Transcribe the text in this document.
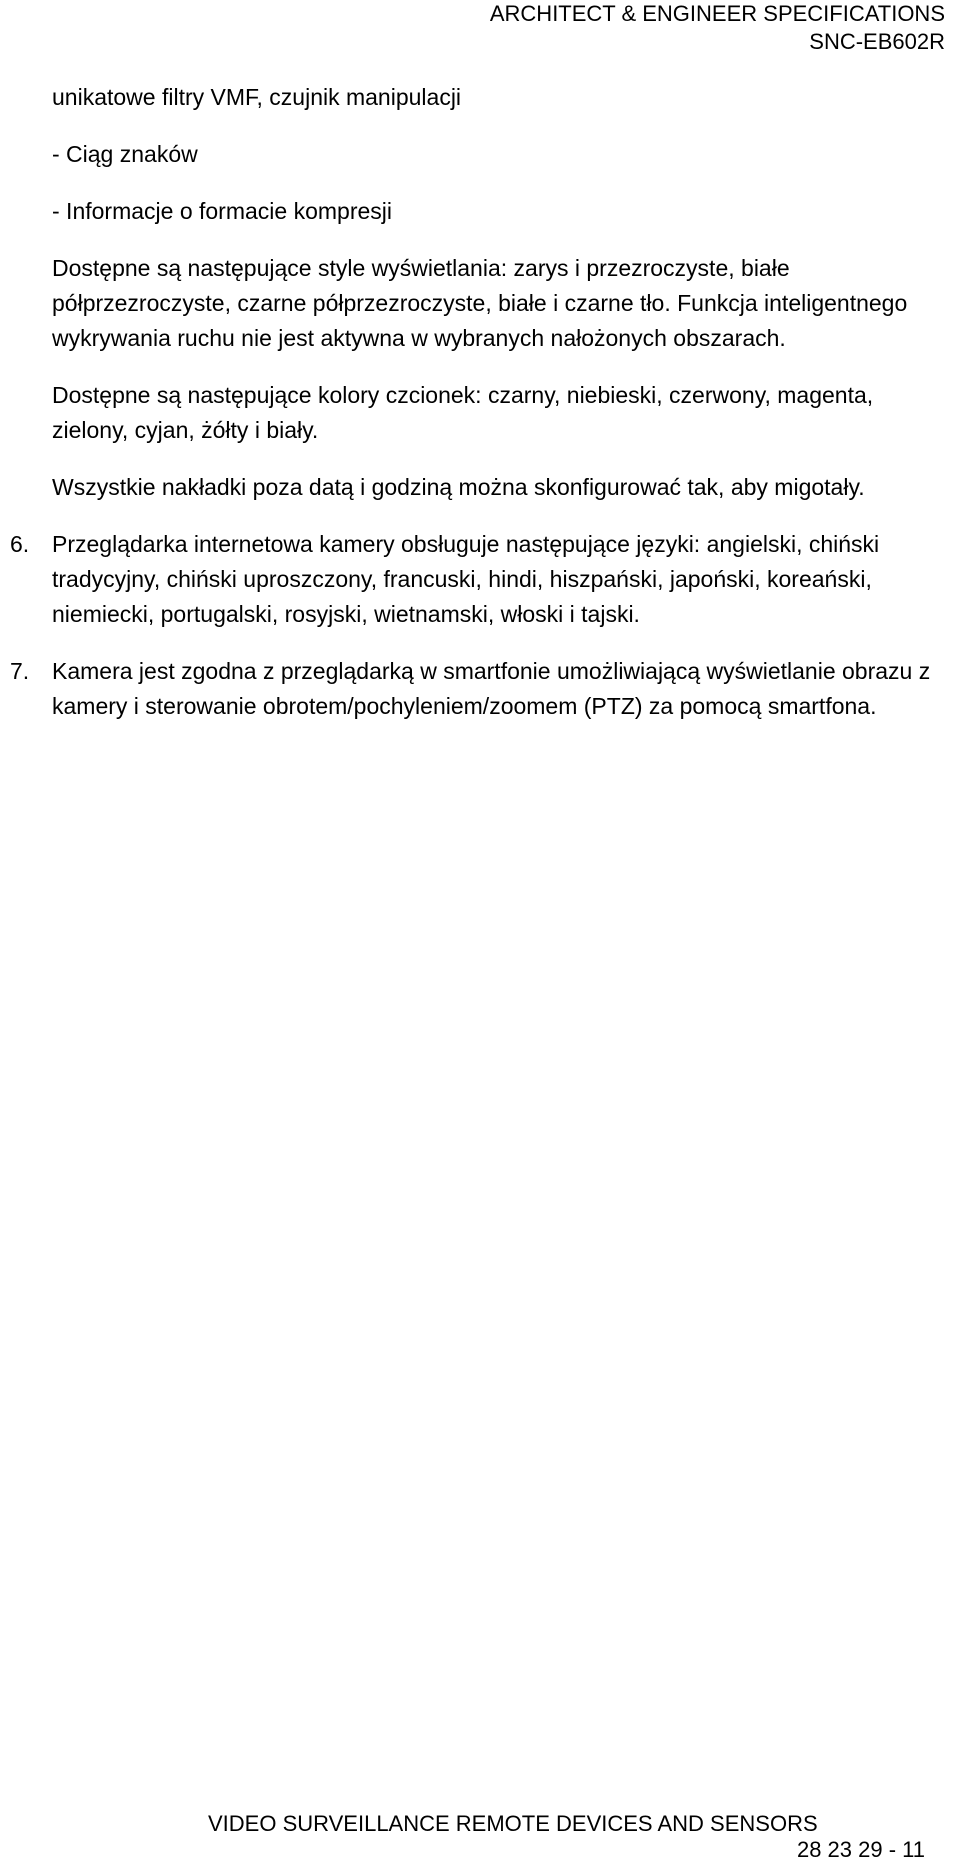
ARCHITECT & ENGINEER SPECIFICATIONS
SNC-EB602R

unikatowe filtry VMF, czujnik manipulacji

- Ciąg znaków

- Informacje o formacie kompresji

Dostępne są następujące style wyświetlania: zarys i przezroczyste, białe półprzezroczyste, czarne półprzezroczyste, białe i czarne tło. Funkcja inteligentnego wykrywania ruchu nie jest aktywna w wybranych nałożonych obszarach.

Dostępne są następujące kolory czcionek: czarny, niebieski, czerwony, magenta, zielony, cyjan, żółty i biały.

Wszystkie nakładki poza datą i godziną można skonfigurować tak, aby migotały.

6. Przeglądarka internetowa kamery obsługuje następujące języki: angielski, chiński tradycyjny, chiński uproszczony, francuski, hindi, hiszpański, japoński, koreański, niemiecki, portugalski, rosyjski, wietnamski, włoski i tajski.
7. Kamera jest zgodna z przeglądarką w smartfonie umożliwiającą wyświetlanie obrazu z kamery i sterowanie obrotem/pochyleniem/zoomem (PTZ) za pomocą smartfona.
VIDEO SURVEILLANCE REMOTE DEVICES AND SENSORS
28 23 29 - 11
